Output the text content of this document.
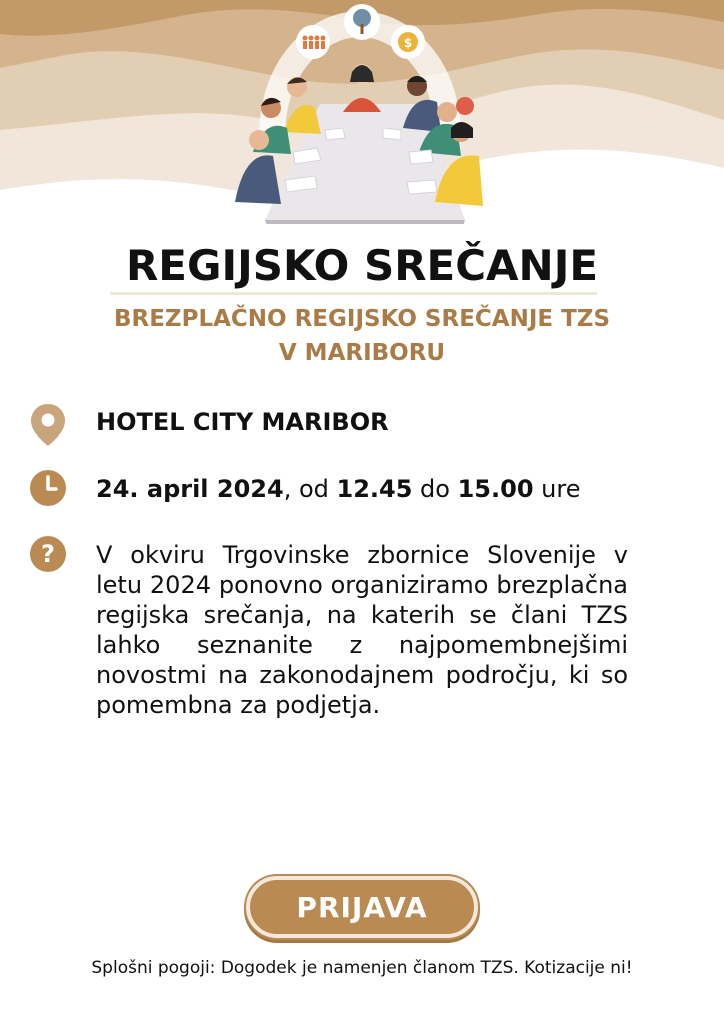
$
REGIJSKO SREČANJE
BREZPLAČNO REGIJSKO SREČANJE TZS
V MARIBORU
HOTEL CITY MARIBOR
24. april 2024, od 12.45 do 15.00 ure
? V okviru Trgovinske zbornice Slovenije v letu 2024 ponovno organiziramo brezplačna regijska srečanja, na katerih se člani TZS lahko seznanite z najpomembnejšimi novostmi na zakonodajnem področju, ki so pomembna za podjetja.

PRIJAVA
Splošni pogoji: Dogodek je namenjen članom TZS. Kotizacije ni!
